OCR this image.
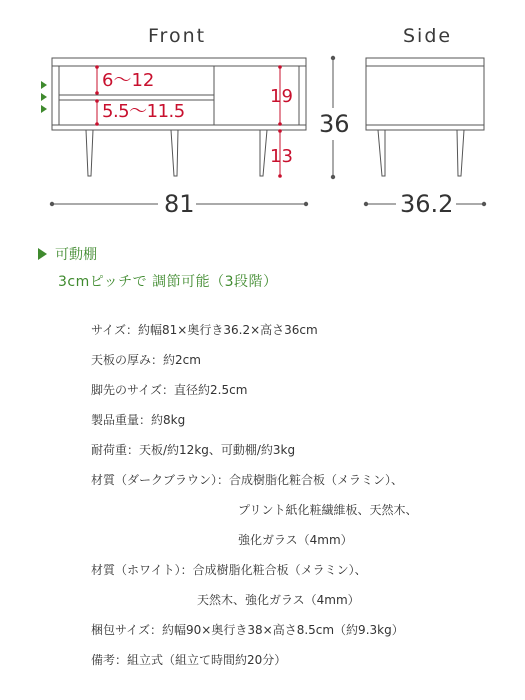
Front	Side
6～12
5.5～11.5
19
13
36
81	36.2
可動棚
3cmピッチで 調節可能（3段階）
サイズ：約幅81×奥行き36.2×高さ36cm
天板の厚み：約2cm
脚先のサイズ：直径約2.5cm
製品重量：約8kg
耐荷重：天板/約12kg、可動棚/約3kg
材質（ダークブラウン）：合成樹脂化粧合板（メラミン）、
プリント紙化粧繊維板、天然木、
強化ガラス（4mm）
材質（ホワイト）：合成樹脂化粧合板（メラミン）、
天然木、強化ガラス（4mm）
梱包サイズ：約幅90×奥行き38×高さ8.5cm（約9.3kg）
備考：組立式（組立て時間約20分）
